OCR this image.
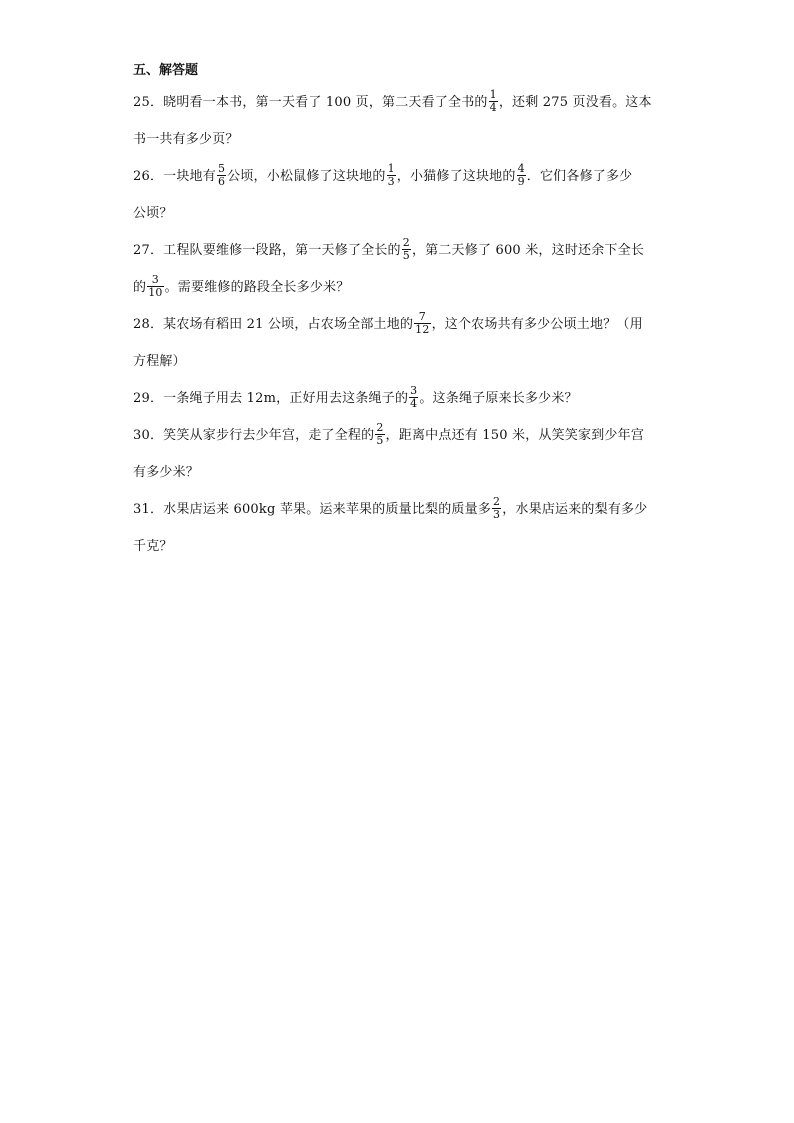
五、解答题
25．晓明看一本书，第一天看了 100 页，第二天看了全书的 $\frac{1}{4}$ ，还剩 275 页没看。这本
书一共有多少页？
26．一块地有 $\frac{5}{6}$ 公顷，小松鼠修了这块地的 $\frac{1}{3}$ ，小猫修了这块地的 $\frac{4}{9}$ ．它们各修了多少
公顷？
27．工程队要维修一段路，第一天修了全长的 $\frac{2}{5}$ ，第二天修了 600 米，这时还余下全长
的 $\frac{3}{10}$ 。需要维修的路段全长多少米？
28．某农场有稻田 21 公顷，占农场全部土地的 $\frac{7}{12}$ ，这个农场共有多少公顷土地？（用
方程解）
29．一条绳子用去 12m，正好用去这条绳子的 $\frac{3}{4}$ 。这条绳子原来长多少米？
30．笑笑从家步行去少年宫，走了全程的 $\frac{2}{5}$ ，距离中点还有 150 米，从笑笑家到少年宫
有多少米？
31．水果店运来 600kg 苹果。运来苹果的质量比梨的质量多 $\frac{2}{3}$ ，水果店运来的梨有多少
千克？
